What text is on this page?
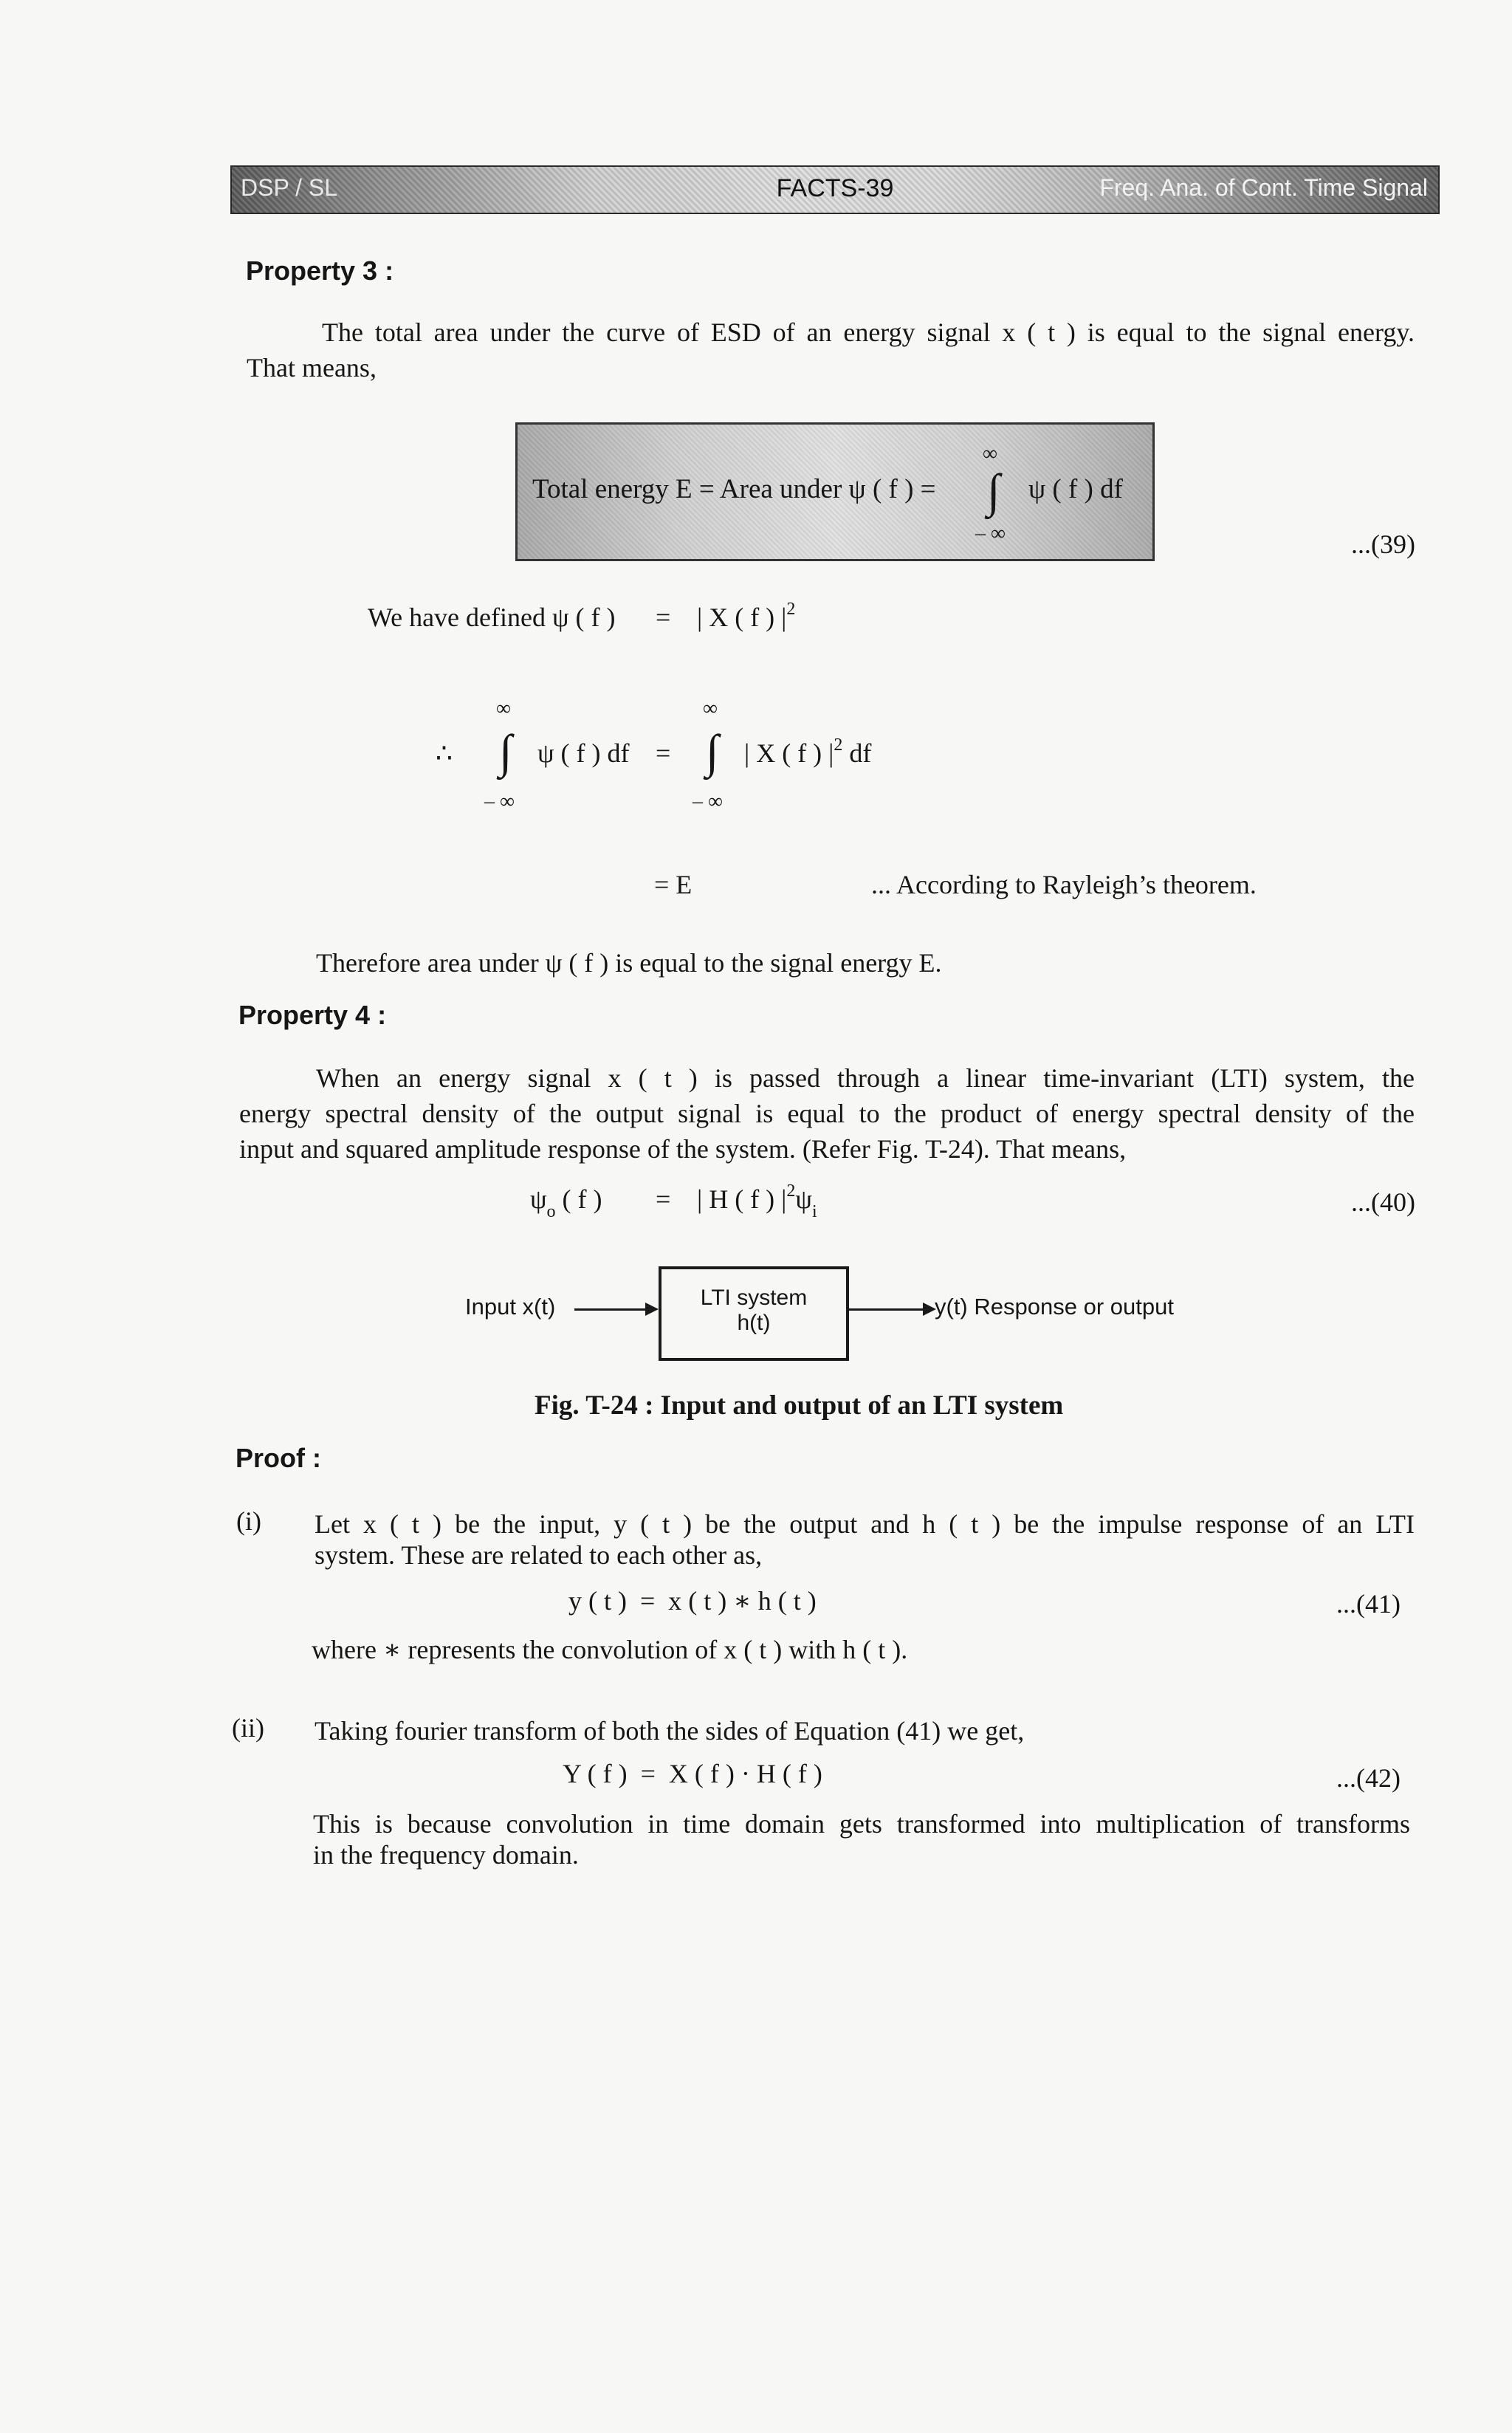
DSP / SL	FACTS-39	Freq. Ana. of Cont. Time Signal
Property 3 :
The total area under the curve of ESD of an energy signal x ( t ) is equal to the signal energy.
That means,
Total energy E = Area under ψ ( f ) =
∞
∫ ψ ( f ) df
– ∞	...(39)
We have defined ψ ( f ) = | X ( f ) $|^2$
∞	∞
∴ ∫ ψ ( f ) df = ∫ | X ( f ) $|^2$ df
– ∞	– ∞
= E	... According to Rayleigh’s theorem.
Therefore area under ψ ( f ) is equal to the signal energy E.
Property 4 :
When an energy signal x ( t ) is passed through a linear time-invariant (LTI) system, the
energy spectral density of the output signal is equal to the product of energy spectral density of the
input and squared amplitude response of the system. (Refer Fig. T-24). That means,
$\psi_o$ ( f ) = | H ( f ) $|^2\psi_i$	...(40)
Input x(t)	LTI system
h(t)
y(t) Response or output
Fig. T-24 : Input and output of an LTI system
Proof :
(i) Let x ( t ) be the input, y ( t ) be the output and h ( t ) be the impulse response of an LTI
system. These are related to each other as,
y ( t )  =  x ( t ) ∗ h ( t )	...(41)
where ∗ represents the convolution of x ( t ) with h ( t ).
(ii) Taking fourier transform of both the sides of Equation (41) we get,
Y ( f )  =  X ( f ) · H ( f )	...(42)
This is because convolution in time domain gets transformed into multiplication of transforms
in the frequency domain.
